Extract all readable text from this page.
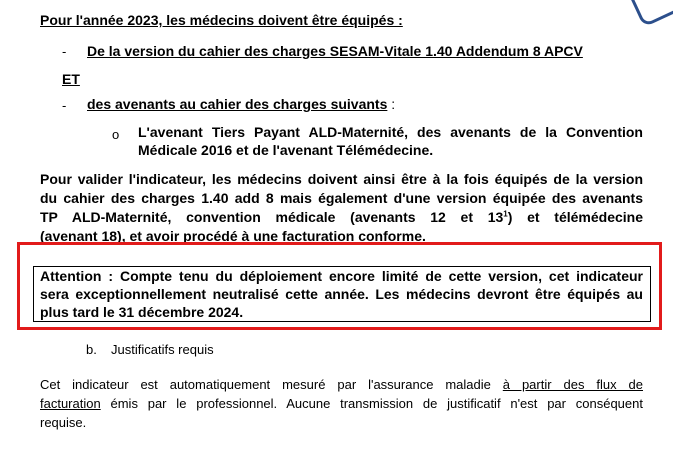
Pour l'année 2023, les médecins doivent être équipés :
- De la version du cahier des charges SESAM-Vitale 1.40 Addendum 8 APCV
ET
- des avenants au cahier des charges suivants :
o L'avenant Tiers Payant ALD-Maternité, des avenants de la Convention
Médicale 2016 et de l'avenant Télémédecine.
Pour valider l'indicateur, les médecins doivent ainsi être à la fois équipés de la version
du cahier des charges 1.40 add 8 mais également d'une version équipée des avenants
TP ALD-Maternité, convention médicale (avenants 12 et $13^1$) et télémédecine
(avenant 18), et avoir procédé à une facturation conforme.
Attention : Compte tenu du déploiement encore limité de cette version, cet indicateur
sera exceptionnellement neutralisé cette année. Les médecins devront être équipés au
plus tard le 31 décembre 2024.
b. Justificatifs requis
Cet indicateur est automatiquement mesuré par l'assurance maladie à partir des flux de
facturation émis par le professionnel. Aucune transmission de justificatif n'est par conséquent
requise.
